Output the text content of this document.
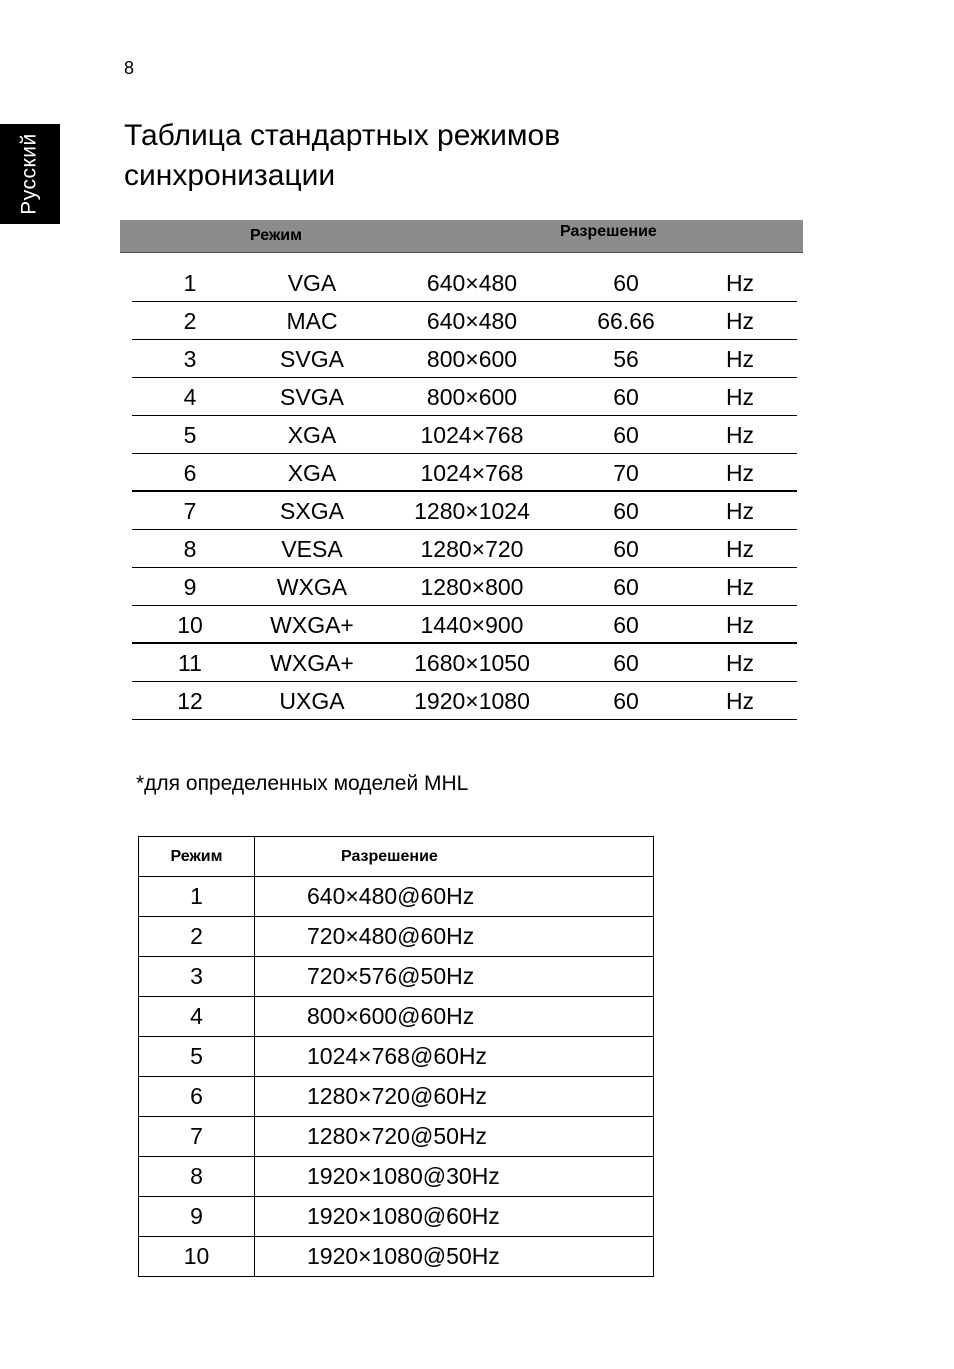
8
Русский	Таблица стандартных режимов
синхронизации
Режим	Разрешение
1	VGA	640×480	60	Hz
2	MAC	640×480	66.66	Hz
3	SVGA	800×600	56	Hz
4	SVGA	800×600	60	Hz
5	XGA	1024×768	60	Hz
6	XGA	1024×768	70	Hz
7	SXGA	1280×1024	60	Hz
8	VESA	1280×720	60	Hz
9	WXGA	1280×800	60	Hz
10	WXGA+	1440×900	60	Hz
11	WXGA+	1680×1050	60	Hz
12	UXGA	1920×1080	60	Hz
*для определенных моделей MHL
Режим	Разрешение
1	640×480@60Hz
2	720×480@60Hz
3	720×576@50Hz
4	800×600@60Hz
5	1024×768@60Hz
6	1280×720@60Hz
7	1280×720@50Hz
8	1920×1080@30Hz
9	1920×1080@60Hz
10	1920×1080@50Hz
